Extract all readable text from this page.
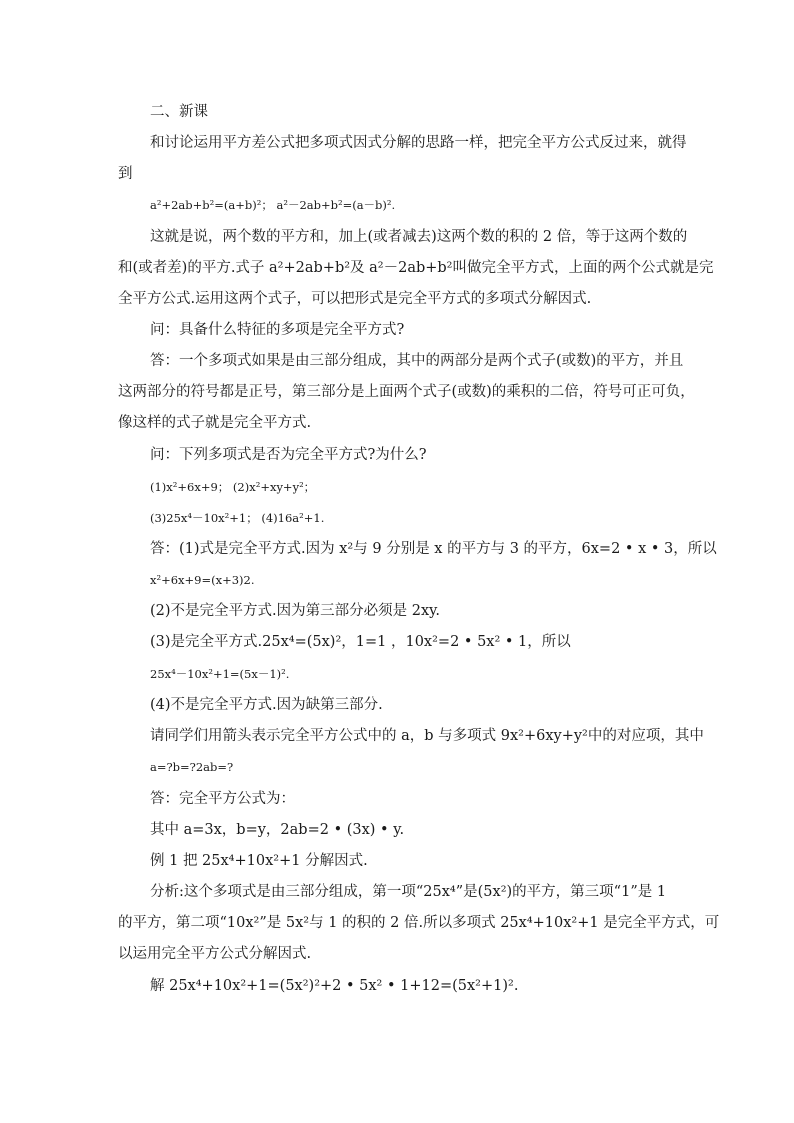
二、新课
和讨论运用平方差公式把多项式因式分解的思路一样，把完全平方公式反过来，就得
到
a²+2ab+b²=(a+b)²； a²－2ab+b²=(a－b)².
这就是说，两个数的平方和，加上(或者减去)这两个数的积的 2 倍，等于这两个数的
和(或者差)的平方.式子 a²+2ab+b²及 a²－2ab+b²叫做完全平方式，上面的两个公式就是完
全平方公式.运用这两个式子，可以把形式是完全平方式的多项式分解因式.
问：具备什么特征的多项是完全平方式?
答：一个多项式如果是由三部分组成，其中的两部分是两个式子(或数)的平方，并且
这两部分的符号都是正号，第三部分是上面两个式子(或数)的乘积的二倍，符号可正可负，
像这样的式子就是完全平方式.
问：下列多项式是否为完全平方式?为什么?
(1)x²+6x+9； (2)x²+xy+y²；
(3)25x⁴－10x²+1； (4)16a²+1.
答：(1)式是完全平方式.因为 x²与 9 分别是 x 的平方与 3 的平方，6x=2 • x • 3，所以
x²+6x+9=(x+3)2.
(2)不是完全平方式.因为第三部分必须是 2xy.
(3)是完全平方式.25x⁴=(5x)²，1=1 ，10x²=2 • 5x² • 1，所以
25x⁴－10x²+1=(5x－1)².
(4)不是完全平方式.因为缺第三部分.
请同学们用箭头表示完全平方公式中的 a，b 与多项式 9x²+6xy+y²中的对应项，其中
a=?b=?2ab=?
答：完全平方公式为：
其中 a=3x，b=y，2ab=2 • (3x) • y.
例 1 把 25x⁴+10x²+1 分解因式.
分析:这个多项式是由三部分组成，第一项“25x⁴”是(5x²)的平方，第三项“1”是 1
的平方，第二项“10x²”是 5x²与 1 的积的 2 倍.所以多项式 25x⁴+10x²+1 是完全平方式，可
以运用完全平方公式分解因式.
解 25x⁴+10x²+1=(5x²)²+2 • 5x² • 1+12=(5x²+1)².
